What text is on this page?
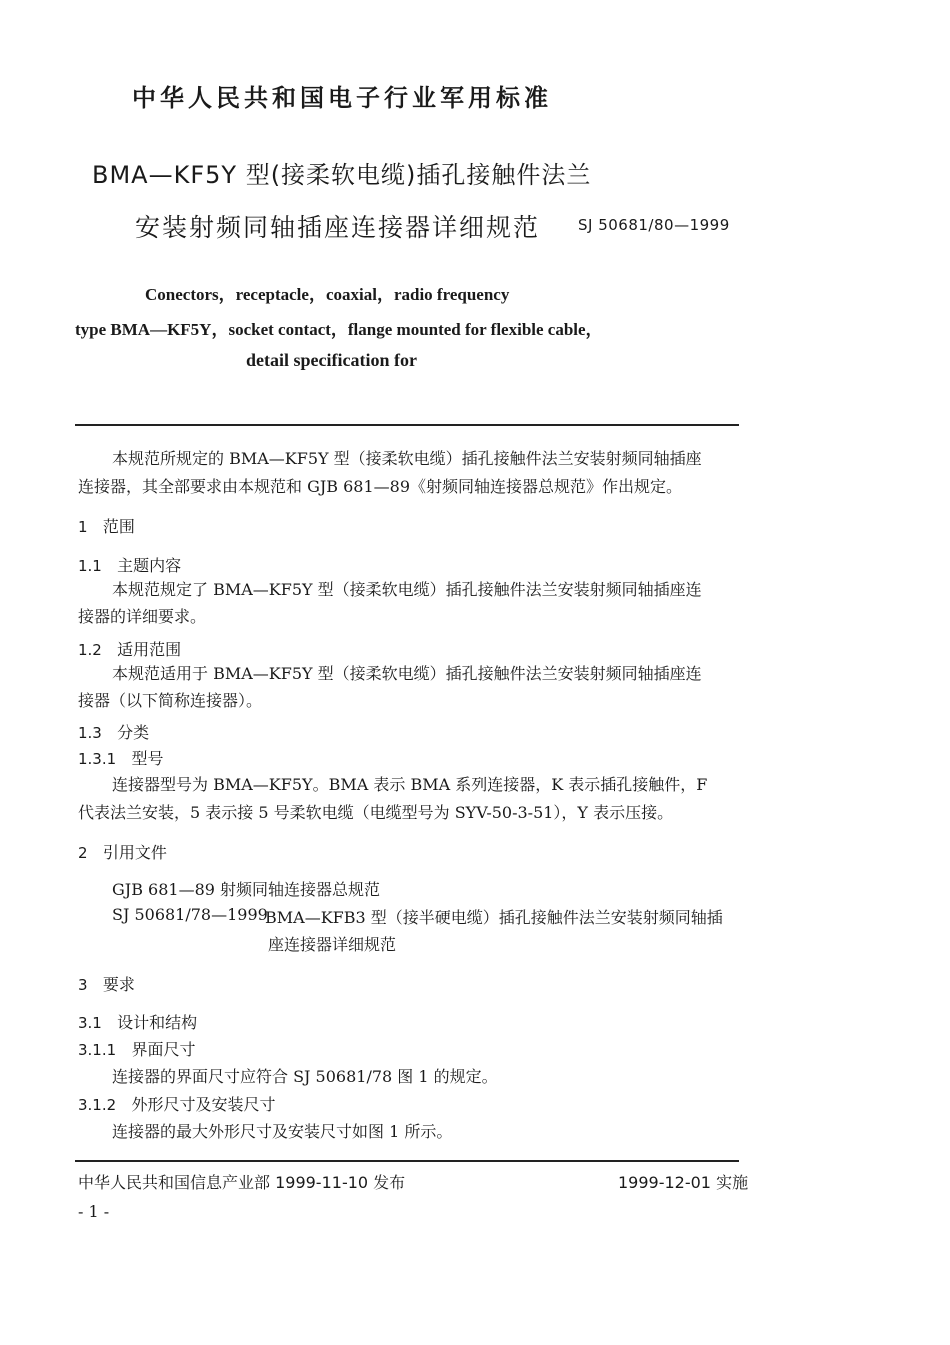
中华人民共和国电子行业军用标准
BMA—KF5Y 型(接柔软电缆)插孔接触件法兰
安装射频同轴插座连接器详细规范	SJ 50681/80—1999
Conectors，receptacle，coaxial，radio frequency
type BMA—KF5Y，socket contact，flange mounted for flexible cable，
detail specification for
本规范所规定的 BMA—KF5Y 型（接柔软电缆）插孔接触件法兰安装射频同轴插座
连接器，其全部要求由本规范和 GJB 681—89《射频同轴连接器总规范》作出规定。
1 范围
1.1 主题内容
本规范规定了 BMA—KF5Y 型（接柔软电缆）插孔接触件法兰安装射频同轴插座连
接器的详细要求。
1.2 适用范围
本规范适用于 BMA—KF5Y 型（接柔软电缆）插孔接触件法兰安装射频同轴插座连
接器（以下简称连接器）。
1.3 分类
1.3.1 型号
连接器型号为 BMA—KF5Y。BMA 表示 BMA 系列连接器，K 表示插孔接触件，F
代表法兰安装，5 表示接 5 号柔软电缆（电缆型号为 SYV-50-3-51），Y 表示压接。
2 引用文件
GJB 681—89 射频同轴连接器总规范
SJ 50681/78—1999
BMA—KFB3 型（接半硬电缆）插孔接触件法兰安装射频同轴插
座连接器详细规范
3 要求
3.1 设计和结构
3.1.1 界面尺寸
连接器的界面尺寸应符合 SJ 50681/78 图 1 的规定。
3.1.2 外形尺寸及安装尺寸
连接器的最大外形尺寸及安装尺寸如图 1 所示。
中华人民共和国信息产业部 1999-11-10 发布	1999-12-01 实施
- 1 -
